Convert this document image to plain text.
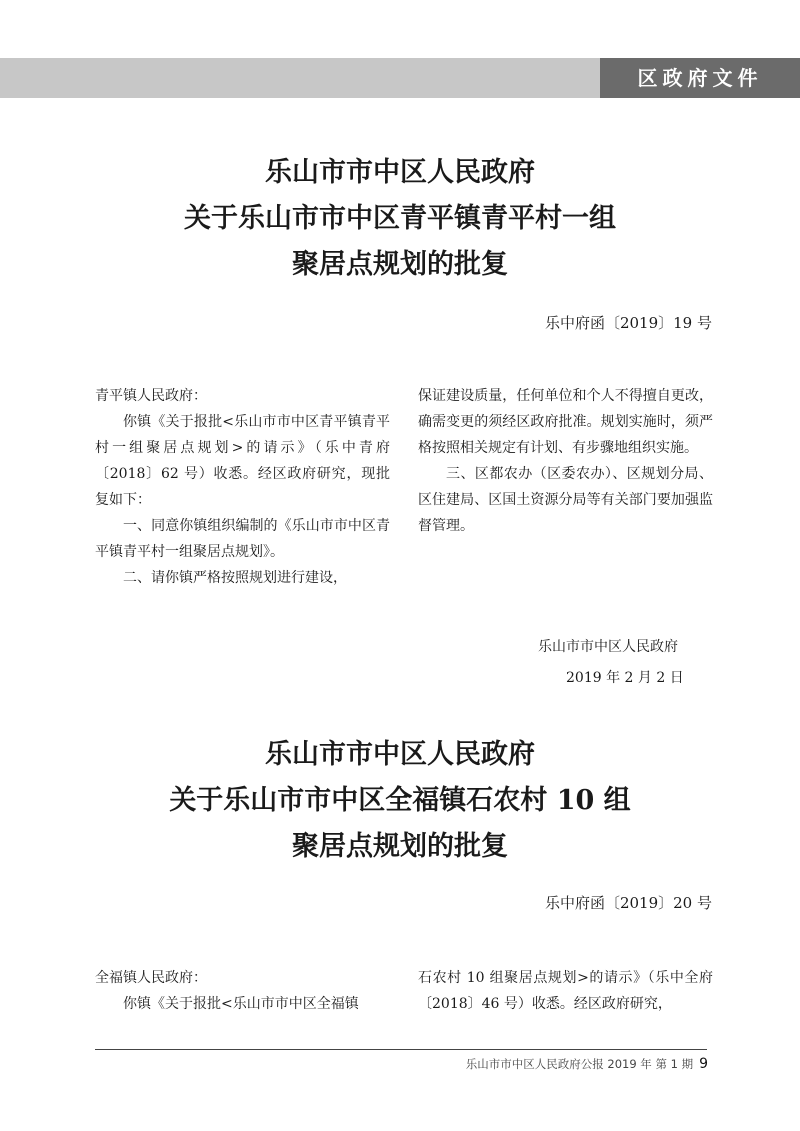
区政府文件
乐山市市中区人民政府
关于乐山市市中区青平镇青平村一组
聚居点规划的批复
乐中府函〔2019〕19 号

青平镇人民政府：

你镇《关于报批<乐山市市中区青平镇青平村一组聚居点规划>的请示》（乐中青府〔2018〕62 号）收悉。经区政府研究，现批复如下：

一、同意你镇组织编制的《乐山市市中区青平镇青平村一组聚居点规划》。

二、请你镇严格按照规划进行建设，

保证建设质量，任何单位和个人不得擅自更改，确需变更的须经区政府批准。规划实施时，须严格按照相关规定有计划、有步骤地组织实施。

三、区都农办（区委农办）、区规划分局、区住建局、区国土资源分局等有关部门要加强监督管理。

乐山市市中区人民政府
2019 年 2 月 2 日
乐山市市中区人民政府
关于乐山市市中区全福镇石农村 10 组
聚居点规划的批复
乐中府函〔2019〕20 号

全福镇人民政府：

你镇《关于报批<乐山市市中区全福镇

石农村 10 组聚居点规划>的请示》（乐中全府〔2018〕46 号）收悉。经区政府研究，

乐山市市中区人民政府公报 2019 年 第 1 期 9
